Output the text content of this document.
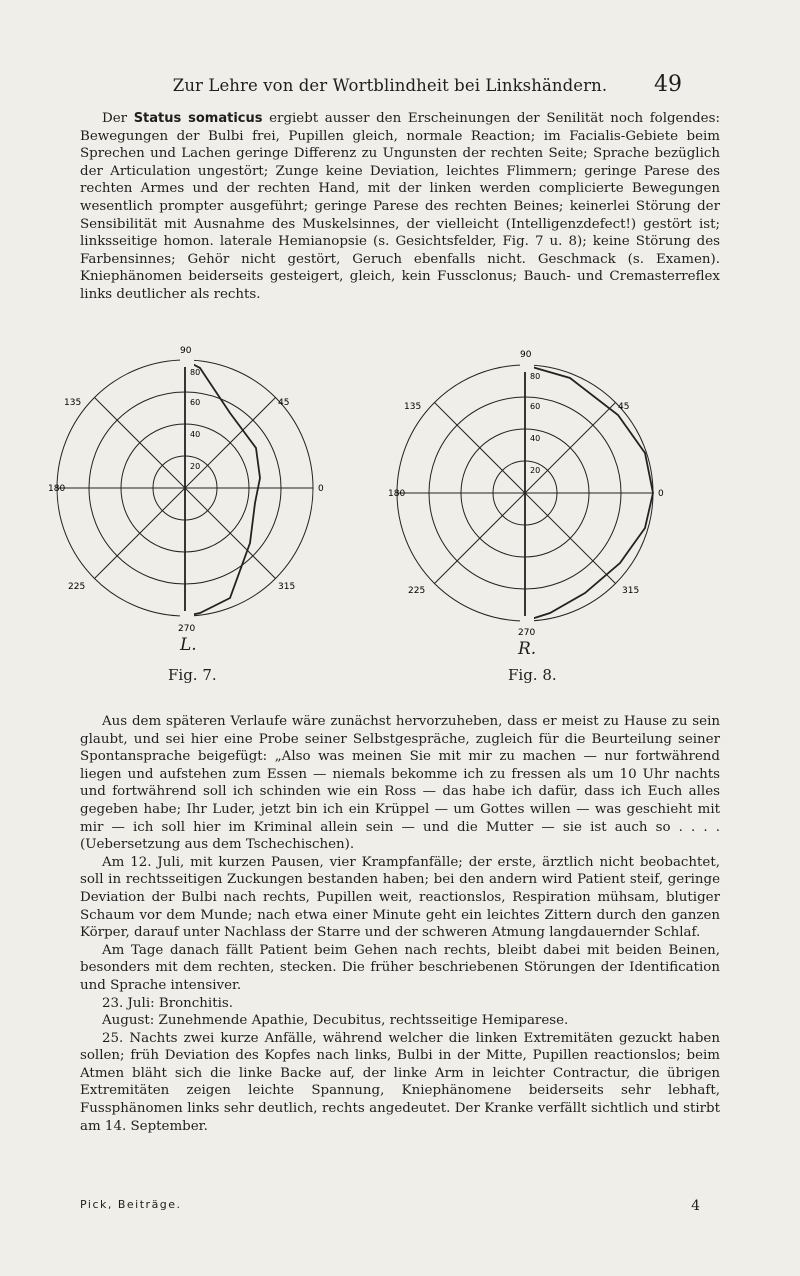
Zur Lehre von der Wortblindheit bei Linkshändern.	49

Der Status somaticus ergiebt ausser den Erscheinungen der Senilität noch folgendes: Bewegungen der Bulbi frei, Pupillen gleich, normale Reaction; im Facialis-Gebiete beim Sprechen und Lachen geringe Differenz zu Ungunsten der rechten Seite; Sprache bezüglich der Articulation ungestört; Zunge keine Deviation, leichtes Flimmern; geringe Parese des rechten Armes und der rechten Hand, mit der linken werden complicierte Bewegungen wesentlich prompter ausgeführt; geringe Parese des rechten Beines; keinerlei Störung der Sensibilität mit Ausnahme des Muskelsinnes, der vielleicht (Intelligenzdefect!) gestört ist; linksseitige homon. laterale Hemianopsie (s. Gesichtsfelder, Fig. 7 u. 8); keine Störung des Farbensinnes; Gehör nicht gestört, Geruch ebenfalls nicht. Geschmack (s. Examen). Kniephänomen beiderseits gesteigert, gleich, kein Fussclonus; Bauch- und Cremasterreflex links deutlicher als rechts.

90
135	45
180	0
225	315
270
80
60
40
20
L.
Fig. 7.
90
135	45
180	0
225	315
270
80
60
40
20
R.
Fig. 8.

Aus dem späteren Verlaufe wäre zunächst hervorzuheben, dass er meist zu Hause zu sein glaubt, und sei hier eine Probe seiner Selbstgespräche, zugleich für die Beurteilung seiner Spontansprache beigefügt: „Also was meinen Sie mit mir zu machen — nur fortwährend liegen und aufstehen zum Essen — niemals bekomme ich zu fressen als um 10 Uhr nachts und fortwährend soll ich schinden wie ein Ross — das habe ich dafür, dass ich Euch alles gegeben habe; Ihr Luder, jetzt bin ich ein Krüppel — um Gottes willen — was geschieht mit mir — ich soll hier im Kriminal allein sein — und die Mutter — sie ist auch so . . . . (Uebersetzung aus dem Tschechischen).

Am 12. Juli, mit kurzen Pausen, vier Krampfanfälle; der erste, ärztlich nicht beobachtet, soll in rechtsseitigen Zuckungen bestanden haben; bei den andern wird Patient steif, geringe Deviation der Bulbi nach rechts, Pupillen weit, reactionslos, Respiration mühsam, blutiger Schaum vor dem Munde; nach etwa einer Minute geht ein leichtes Zittern durch den ganzen Körper, darauf unter Nachlass der Starre und der schweren Atmung langdauernder Schlaf.

Am Tage danach fällt Patient beim Gehen nach rechts, bleibt dabei mit beiden Beinen, besonders mit dem rechten, stecken. Die früher beschriebenen Störungen der Identification und Sprache intensiver.

23. Juli: Bronchitis.

August: Zunehmende Apathie, Decubitus, rechtsseitige Hemiparese.

25. Nachts zwei kurze Anfälle, während welcher die linken Extremitäten gezuckt haben sollen; früh Deviation des Kopfes nach links, Bulbi in der Mitte, Pupillen reactionslos; beim Atmen bläht sich die linke Backe auf, der linke Arm in leichter Contractur, die übrigen Extremitäten zeigen leichte Spannung, Kniephänomene beiderseits sehr lebhaft, Fussphänomen links sehr deutlich, rechts angedeutet. Der Kranke verfällt sichtlich und stirbt am 14. September.

Pick, Beiträge.	4
